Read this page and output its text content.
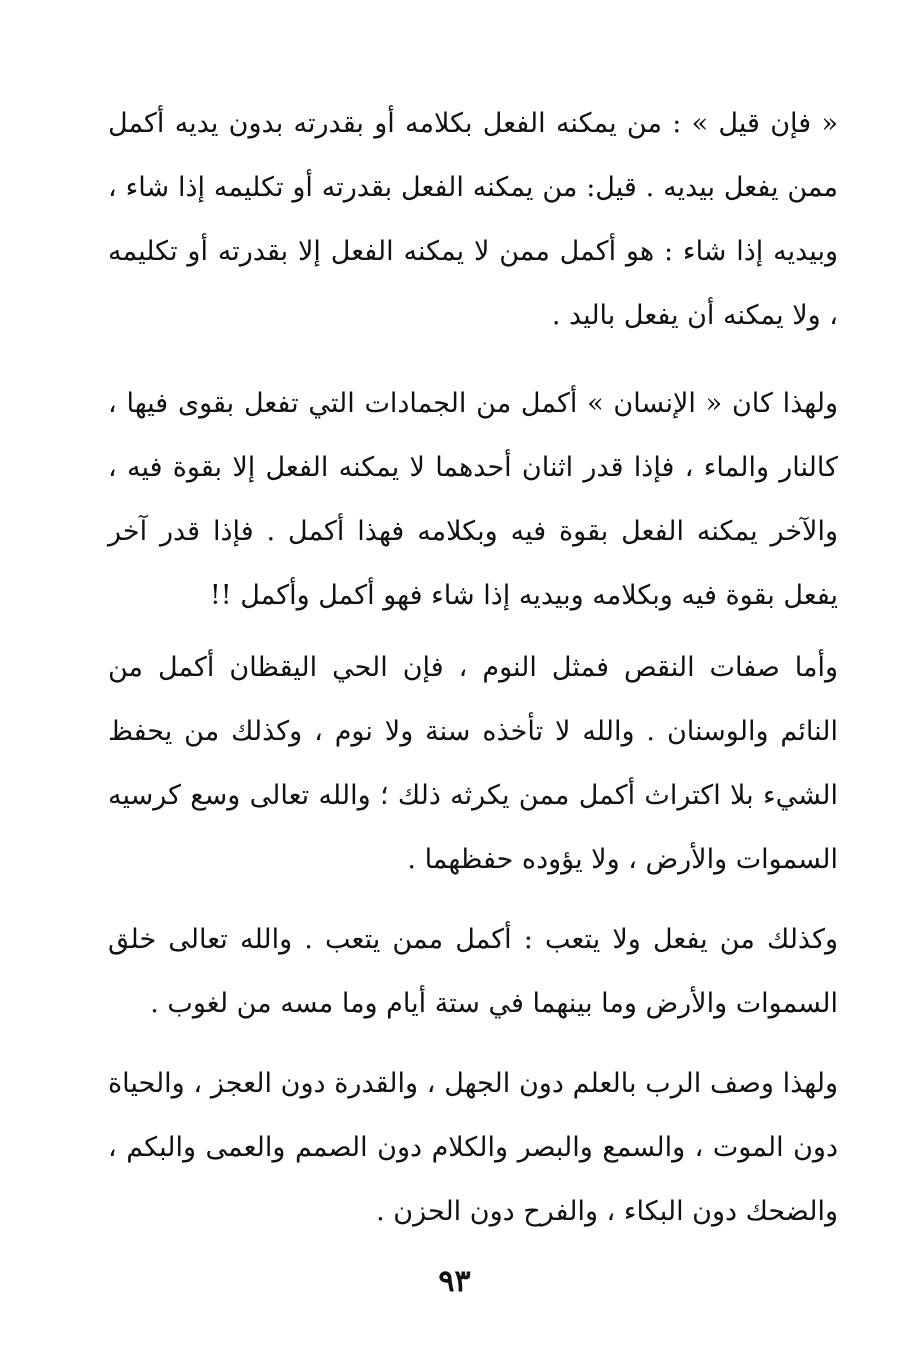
« فإن قيل » : من يمكنه الفعل بكلامه أو بقدرته بدون يديه أكمل ممن يفعل بيديه . قيل: من يمكنه الفعل بقدرته أو تكليمه إذا شاء ، وبيديه إذا شاء : هو أكمل ممن لا يمكنه الفعل إلا بقدرته أو تكليمه ، ولا يمكنه أن يفعل باليد .

ولهذا كان « الإنسان » أكمل من الجمادات التي تفعل بقوى فيها ، كالنار والماء ، فإذا قدر اثنان أحدهما لا يمكنه الفعل إلا بقوة فيه ، والآخر يمكنه الفعل بقوة فيه وبكلامه فهذا أكمل . فإذا قدر آخر يفعل بقوة فيه وبكلامه وبيديه إذا شاء فهو أكمل وأكمل !!

وأما صفات النقص فمثل النوم ، فإن الحي اليقظان أكمل من النائم والوسنان . والله لا تأخذه سنة ولا نوم ، وكذلك من يحفظ الشيء بلا اكتراث أكمل ممن يكرثه ذلك ؛ والله تعالى وسع كرسيه السموات والأرض ، ولا يؤوده حفظهما .

وكذلك من يفعل ولا يتعب : أكمل ممن يتعب . والله تعالى خلق السموات والأرض وما بينهما في ستة أيام وما مسه من لغوب .

ولهذا وصف الرب بالعلم دون الجهل ، والقدرة دون العجز ، والحياة دون الموت ، والسمع والبصر والكلام دون الصمم والعمى والبكم ، والضحك دون البكاء ، والفرح دون الحزن .

٩٣
